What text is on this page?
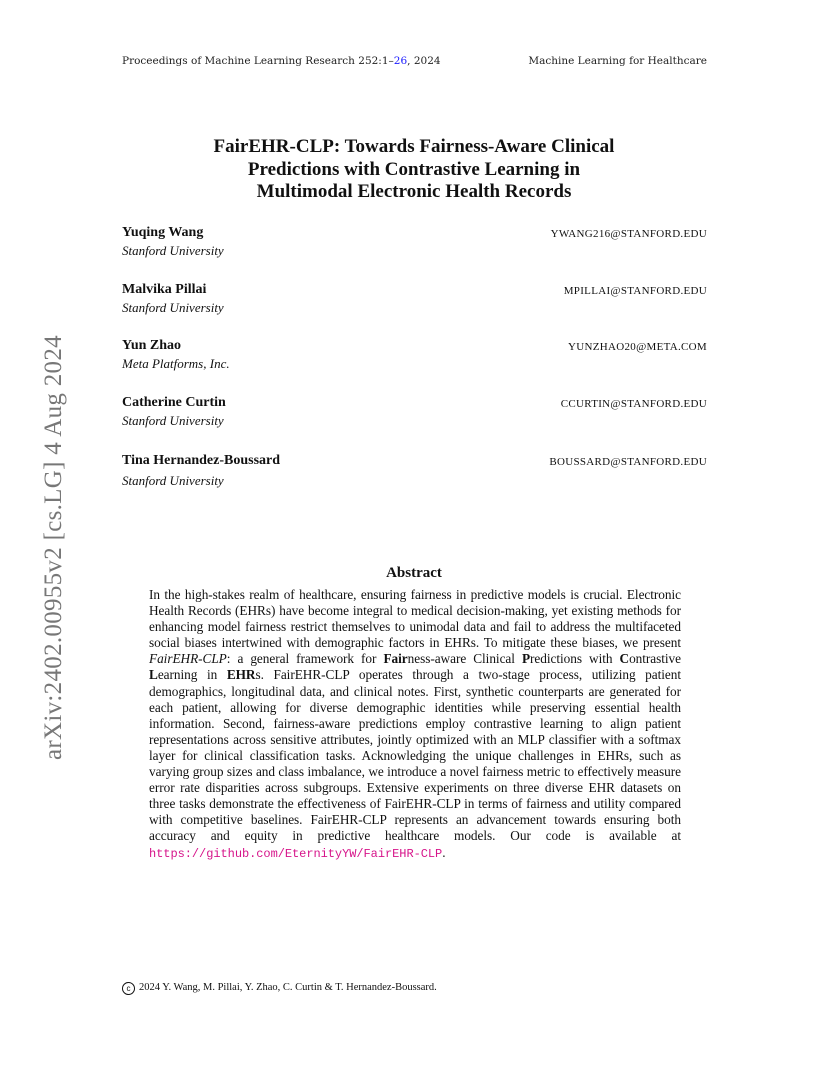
Proceedings of Machine Learning Research 252:1–26, 2024	Machine Learning for Healthcare
arXiv:2402.00955v2 [cs.LG] 4 Aug 2024
FairEHR-CLP: Towards Fairness-Aware Clinical
Predictions with Contrastive Learning in
Multimodal Electronic Health Records
Yuqing Wang
Stanford University
YWANG216@STANFORD.EDU
Malvika Pillai
Stanford University
MPILLAI@STANFORD.EDU
Yun Zhao
Meta Platforms, Inc.
YUNZHAO20@META.COM
Catherine Curtin
Stanford University
CCURTIN@STANFORD.EDU
Tina Hernandez-Boussard
Stanford University
BOUSSARD@STANFORD.EDU
Abstract
In the high-stakes realm of healthcare, ensuring fairness in predictive models is crucial. Electronic Health Records (EHRs) have become integral to medical decision-making, yet existing methods for enhancing model fairness restrict themselves to unimodal data and fail to address the multifaceted social biases intertwined with demographic factors in EHRs. To mitigate these biases, we present FairEHR-CLP: a general framework for Fairness-aware Clinical Predictions with Contrastive Learning in EHRs. FairEHR-CLP operates through a two-stage process, utilizing patient demographics, longitudinal data, and clinical notes. First, synthetic counterparts are generated for each patient, allowing for diverse demographic identities while preserving essential health information. Second, fairness-aware predictions employ contrastive learning to align patient representations across sensitive attributes, jointly optimized with an MLP classifier with a softmax layer for clinical classification tasks. Acknowledging the unique challenges in EHRs, such as varying group sizes and class imbalance, we introduce a novel fairness metric to effectively measure error rate disparities across subgroups. Extensive experiments on three diverse EHR datasets on three tasks demonstrate the effectiveness of FairEHR-CLP in terms of fairness and utility compared with competitive baselines. FairEHR-CLP represents an advancement towards ensuring both accuracy and equity in predictive healthcare models. Our code is available at https://github.com/EternityYW/FairEHR-CLP.
c 2024 Y. Wang, M. Pillai, Y. Zhao, C. Curtin & T. Hernandez-Boussard.
